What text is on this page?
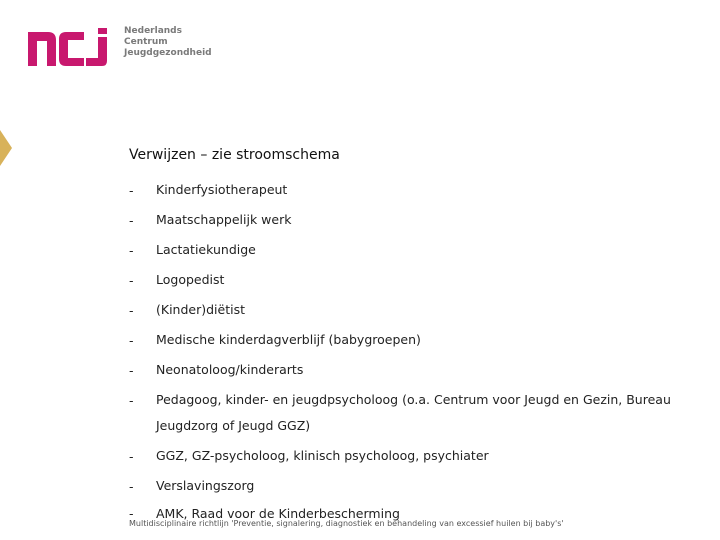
Nederlands
Centrum
Jeugdgezondheid
Verwijzen – zie stroomschema
- Kinderfysiotherapeut
- Maatschappelijk werk
- Lactatiekundige
- Logopedist
- (Kinder)diëtist
- Medische kinderdagverblijf (babygroepen)
- Neonatoloog/kinderarts
- Pedagoog, kinder- en jeugdpsycholoog (o.a. Centrum voor Jeugd en Gezin, Bureau Jeugdzorg of Jeugd GGZ)
- GGZ, GZ-psycholoog, klinisch psycholoog, psychiater
- Verslavingszorg
- AMK, Raad voor de Kinderbescherming
Multidisciplinaire richtlijn 'Preventie, signalering, diagnostiek en behandeling van excessief huilen bij baby's'
